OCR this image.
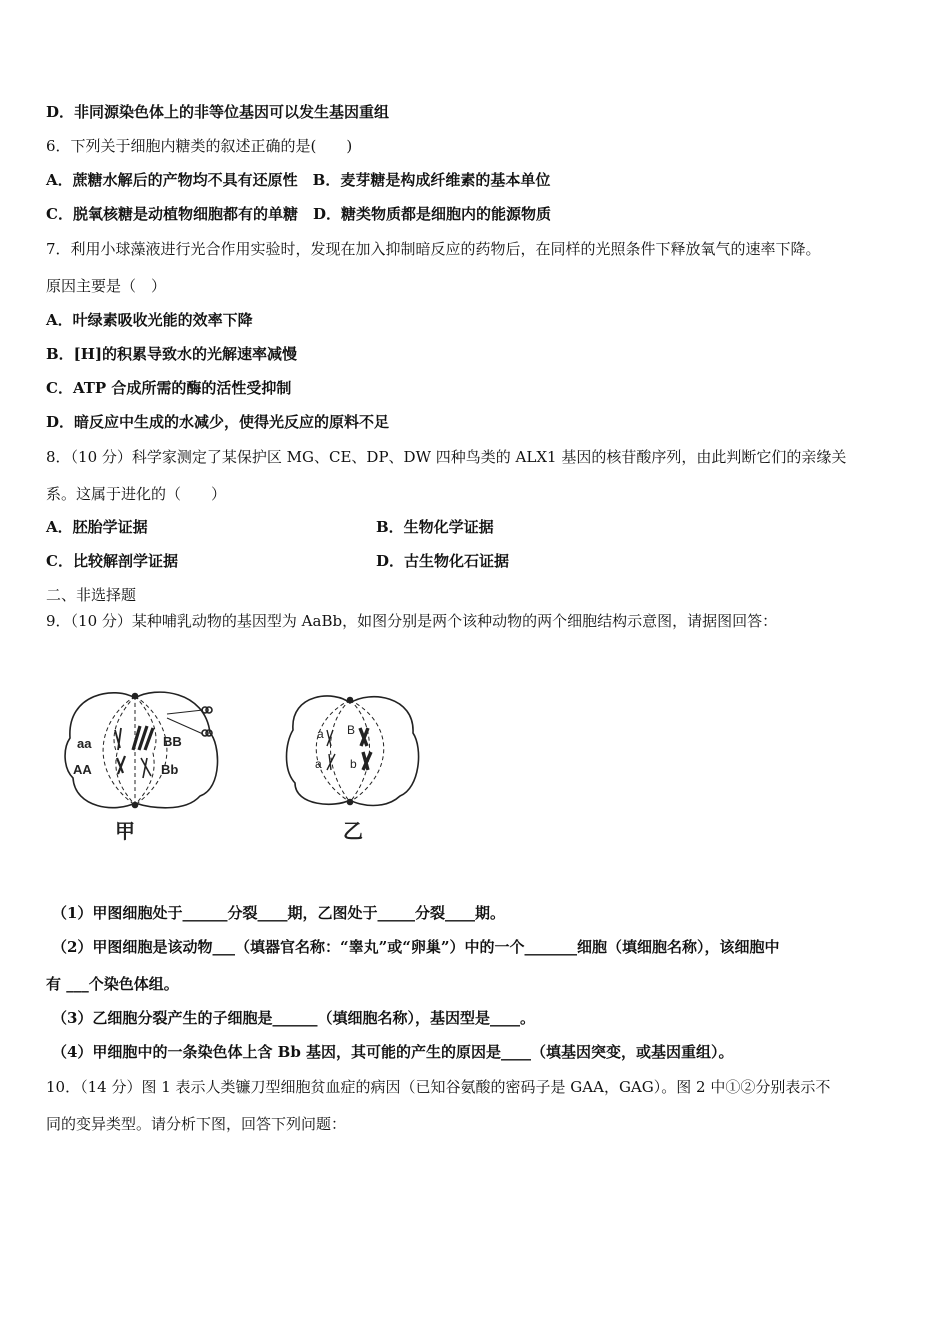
D．非同源染色体上的非等位基因可以发生基因重组
6．下列关于细胞内糖类的叙述正确的是(　　)
A．蔗糖水解后的产物均不具有还原性　B．麦芽糖是构成纤维素的基本单位
C．脱氧核糖是动植物细胞都有的单糖　D．糖类物质都是细胞内的能源物质
7．利用小球藻液进行光合作用实验时，发现在加入抑制暗反应的药物后，在同样的光照条件下释放氧气的速率下降。
原因主要是（　）
A．叶绿素吸收光能的效率下降
B．[H]的积累导致水的光解速率减慢
C．ATP 合成所需的酶的活性受抑制
D．暗反应中生成的水减少，使得光反应的原料不足
8．（10 分）科学家测定了某保护区 MG、CE、DP、DW 四种鸟类的 ALX1 基因的核苷酸序列，由此判断它们的亲缘关
系。这属于进化的（　　）
A．胚胎学证据	B．生物化学证据
C．比较解剖学证据	D．古生物化石证据
二、非选择题
9．（10 分）某种哺乳动物的基因型为 AaBb，如图分别是两个该种动物的两个细胞结构示意图，请据图回答：
aa
AA
BB
Bb
甲
a B
a b
乙
（1）甲图细胞处于______分裂____期，乙图处于_____分裂____期。
（2）甲图细胞是该动物___（填器官名称：“睾丸”或“卵巢”）中的一个_______细胞（填细胞名称），该细胞中
有 ___个染色体组。
（3）乙细胞分裂产生的子细胞是______（填细胞名称），基因型是____。
（4）甲细胞中的一条染色体上含 Bb 基因，其可能的产生的原因是____（填基因突变，或基因重组）。
10．（14 分）图 1 表示人类镰刀型细胞贫血症的病因（已知谷氨酸的密码子是 GAA，GAG）。图 2 中①②分别表示不
同的变异类型。请分析下图，回答下列问题：
